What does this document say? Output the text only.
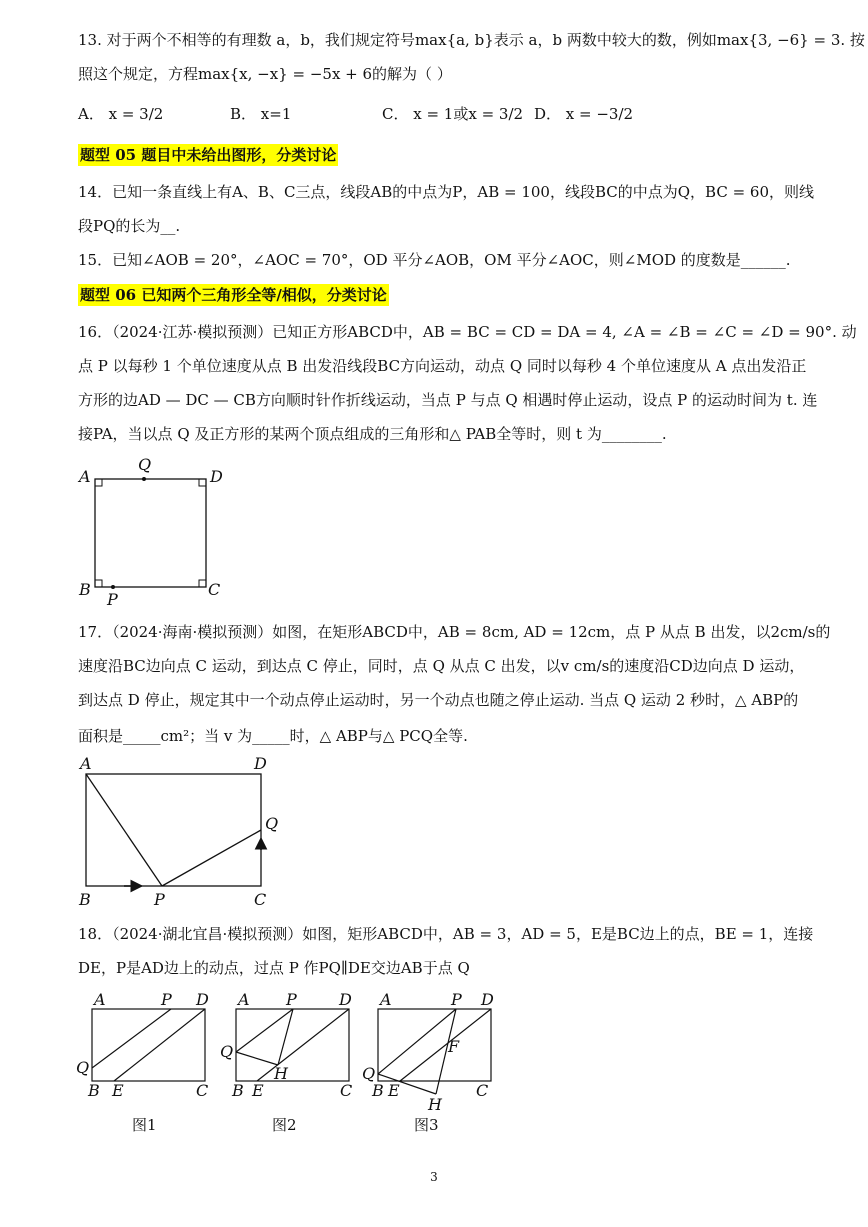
13. 对于两个不相等的有理数 a，b，我们规定符号max{a, b}表示 a，b 两数中较大的数，例如max{3, −6} = 3. 按
照这个规定，方程max{x, −x} = −5x + 6的解为（ ）
A． x = 3/2	B． x=1	C． x = 1或x = 3/2 D． x = −3/2
题型 05 题目中未给出图形，分类讨论
14．已知一条直线上有A、B、C三点，线段AB的中点为P，AB = 100，线段BC的中点为Q，BC = 60，则线
段PQ的长为__.
15．已知∠AOB = 20°，∠AOC = 70°，OD 平分∠AOB，OM 平分∠AOC，则∠MOD 的度数是______.
题型 06 已知两个三角形全等/相似，分类讨论
16．（2024·江苏·模拟预测）已知正方形ABCD中，AB = BC = CD = DA = 4, ∠A = ∠B = ∠C = ∠D = 90°. 动
点 P 以每秒 1 个单位速度从点 B 出发沿线段BC方向运动，动点 Q 同时以每秒 4 个单位速度从 A 点出发沿正
方形的边AD — DC — CB方向顺时针作折线运动，当点 P 与点 Q 相遇时停止运动，设点 P 的运动时间为 t. 连
接PA，当以点 Q 及正方形的某两个顶点组成的三角形和△ PAB全等时，则 t 为________.
A	D
Q
B	C
P
17．（2024·海南·模拟预测）如图，在矩形ABCD中，AB = 8cm, AD = 12cm，点 P 从点 B 出发，以2cm/s的
速度沿BC边向点 C 运动，到达点 C 停止，同时，点 Q 从点 C 出发，以v cm/s的速度沿CD边向点 D 运动，
到达点 D 停止，规定其中一个动点停止运动时，另一个动点也随之停止运动. 当点 Q 运动 2 秒时，△ ABP的
面积是_____cm²；当 v 为_____时，△ ABP与△ PCQ全等.
A	D
Q
B	P	C
18．（2024·湖北宜昌·模拟预测）如图，矩形ABCD中，AB = 3，AD = 5，E是BC边上的点，BE = 1，连接
DE，P是AD边上的动点，过点 P 作PQ∥DE交边AB于点 Q
A	P D
Q
B E	C
图1
A P	D
Q
H
B E	C
图2
A	P D
F
Q
B E	C
H
图3
3
